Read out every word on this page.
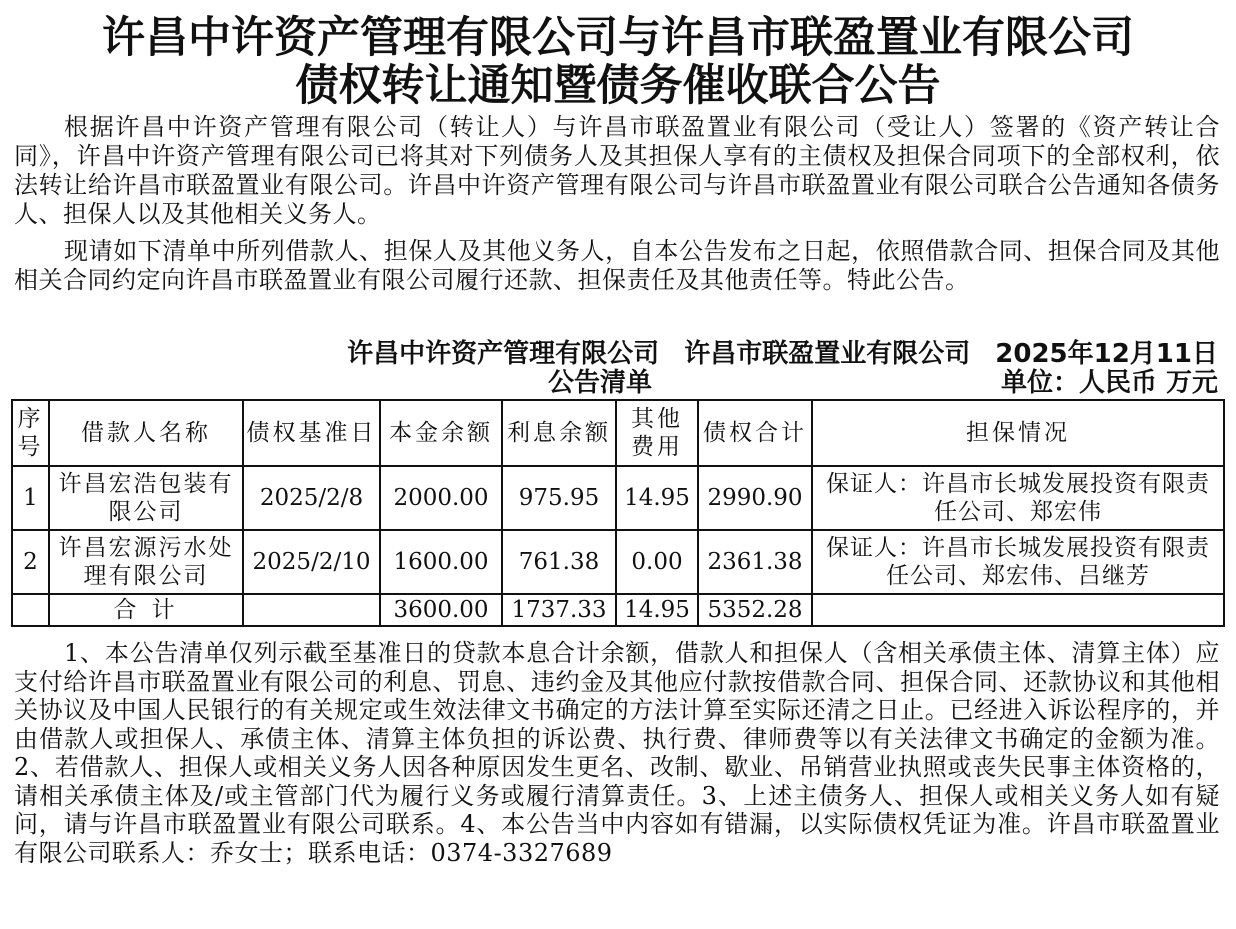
许昌中许资产管理有限公司与许昌市联盈置业有限公司
债权转让通知暨债务催收联合公告
根据许昌中许资产管理有限公司（转让人）与许昌市联盈置业有限公司（受让人）签署的《资产转让合同》，许昌中许资产管理有限公司已将其对下列债务人及其担保人享有的主债权及担保合同项下的全部权利，依法转让给许昌市联盈置业有限公司。许昌中许资产管理有限公司与许昌市联盈置业有限公司联合公告通知各债务人、担保人以及其他相关义务人。
现请如下清单中所列借款人、担保人及其他义务人，自本公告发布之日起，依照借款合同、担保合同及其他相关合同约定向许昌市联盈置业有限公司履行还款、担保责任及其他责任等。特此公告。
许昌中许资产管理有限公司 许昌市联盈置业有限公司 2025年12月11日
公告清单	单位：人民币 万元
序号	借款人名称	债权基准日	本金余额	利息余额	其他费用	债权合计	担保情况
1	许昌宏浩包装有限公司	2025/2/8	2000.00	975.95	14.95	2990.90	保证人：许昌市长城发展投资有限责任公司、郑宏伟
2	许昌宏源污水处理有限公司	2025/2/10	1600.00	761.38	0.00	2361.38	保证人：许昌市长城发展投资有限责任公司、郑宏伟、吕继芳
	合 计		3600.00	1737.33	14.95	5352.28	
1、本公告清单仅列示截至基准日的贷款本息合计余额，借款人和担保人（含相关承债主体、清算主体）应支付给许昌市联盈置业有限公司的利息、罚息、违约金及其他应付款按借款合同、担保合同、还款协议和其他相关协议及中国人民银行的有关规定或生效法律文书确定的方法计算至实际还清之日止。已经进入诉讼程序的，并由借款人或担保人、承债主体、清算主体负担的诉讼费、执行费、律师费等以有关法律文书确定的金额为准。2、若借款人、担保人或相关义务人因各种原因发生更名、改制、歇业、吊销营业执照或丧失民事主体资格的，请相关承债主体及/或主管部门代为履行义务或履行清算责任。3、上述主债务人、担保人或相关义务人如有疑问，请与许昌市联盈置业有限公司联系。4、本公告当中内容如有错漏，以实际债权凭证为准。许昌市联盈置业有限公司联系人：乔女士；联系电话：0374-3327689
